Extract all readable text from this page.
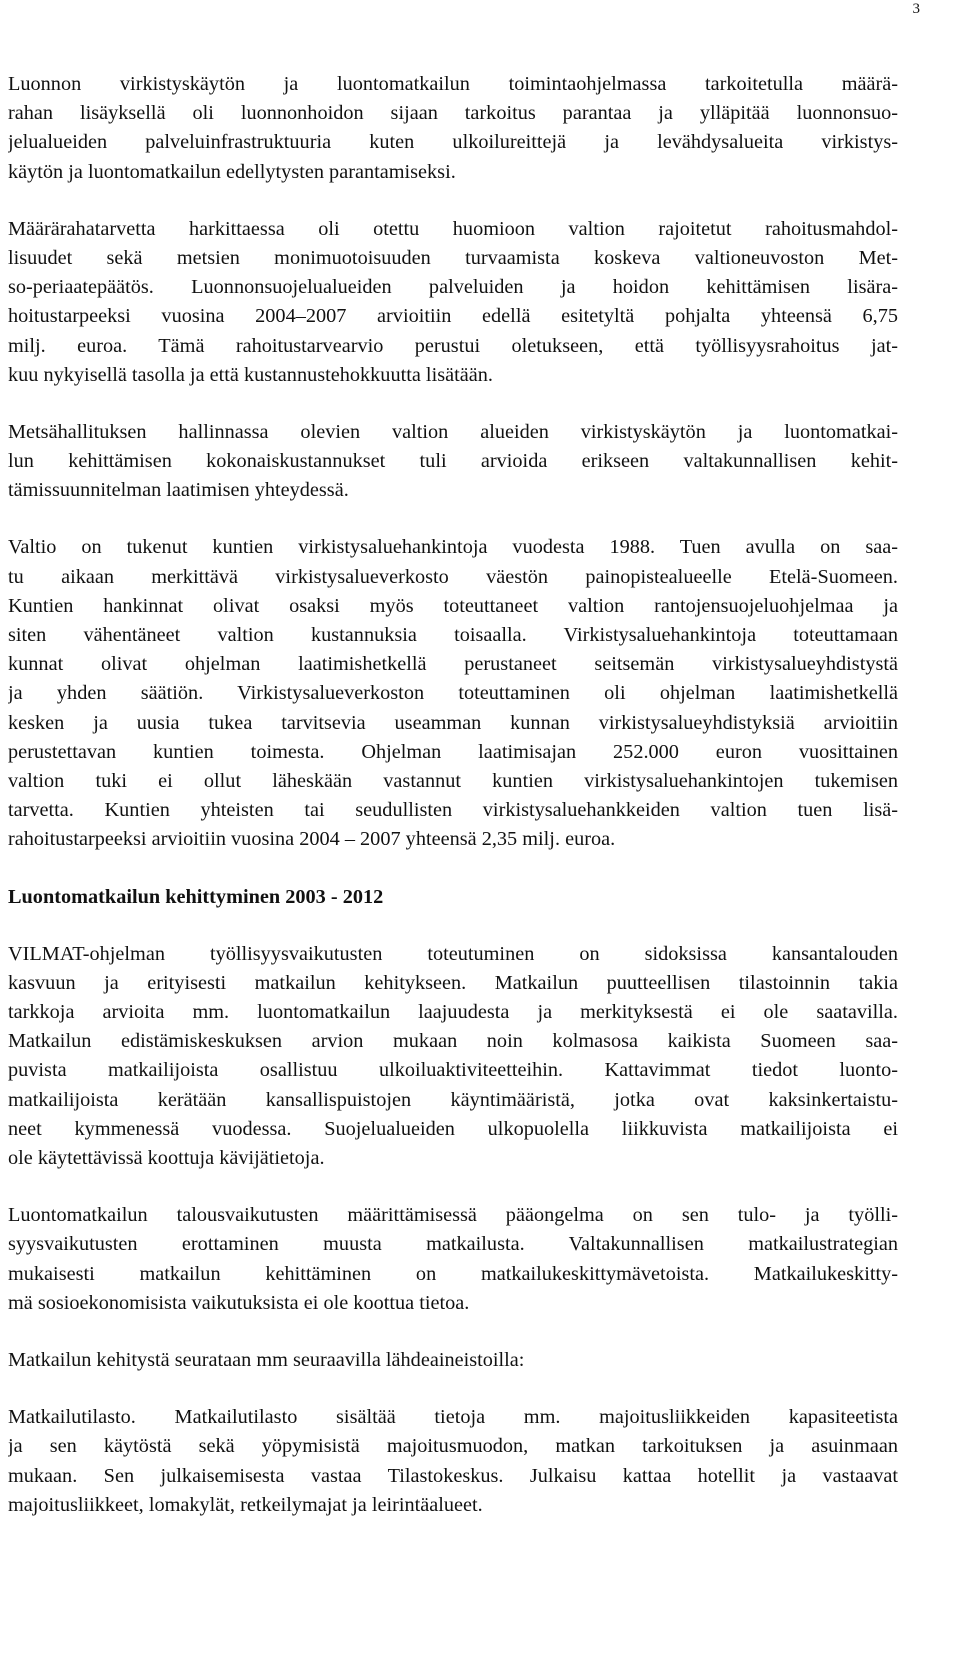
3
Luonnon virkistyskäytön ja luontomatkailun toimintaohjelmassa tarkoitetulla määrä-
rahan lisäyksellä oli luonnonhoidon sijaan tarkoitus parantaa ja ylläpitää luonnonsuo-
jelualueiden palveluinfrastruktuuria kuten ulkoilureittejä ja levähdysalueita virkistys-
käytön ja luontomatkailun edellytysten parantamiseksi.
Määrärahatarvetta harkittaessa oli otettu huomioon valtion rajoitetut rahoitusmahdol-
lisuudet sekä metsien monimuotoisuuden turvaamista koskeva valtioneuvoston Met-
so-periaatepäätös. Luonnonsuojelualueiden palveluiden ja hoidon kehittämisen lisära-
hoitustarpeeksi vuosina 2004–2007 arvioitiin edellä esitetyltä pohjalta yhteensä 6,75
milj. euroa. Tämä rahoitustarvearvio perustui oletukseen, että työllisyysrahoitus jat-
kuu nykyisellä tasolla ja että kustannustehokkuutta lisätään.
Metsähallituksen hallinnassa olevien valtion alueiden virkistyskäytön ja luontomatkai-
lun kehittämisen kokonaiskustannukset tuli arvioida erikseen valtakunnallisen kehit-
tämissuunnitelman laatimisen yhteydessä.
Valtio on tukenut kuntien virkistysaluehankintoja vuodesta 1988. Tuen avulla on saa-
tu aikaan merkittävä virkistysalueverkosto väestön painopistealueelle Etelä-Suomeen.
Kuntien hankinnat olivat osaksi myös toteuttaneet valtion rantojensuojeluohjelmaa ja
siten vähentäneet valtion kustannuksia toisaalla. Virkistysaluehankintoja toteuttamaan
kunnat olivat ohjelman laatimishetkellä perustaneet seitsemän virkistysalueyhdistystä
ja yhden säätiön. Virkistysalueverkoston toteuttaminen oli ohjelman laatimishetkellä
kesken ja uusia tukea tarvitsevia useamman kunnan virkistysalueyhdistyksiä arvioitiin
perustettavan kuntien toimesta. Ohjelman laatimisajan 252.000 euron vuosittainen
valtion tuki ei ollut läheskään vastannut kuntien virkistysaluehankintojen tukemisen
tarvetta. Kuntien yhteisten tai seudullisten virkistysaluehankkeiden valtion tuen lisä-
rahoitustarpeeksi arvioitiin vuosina 2004 – 2007 yhteensä 2,35 milj. euroa.
Luontomatkailun kehittyminen 2003 - 2012
VILMAT-ohjelman työllisyysvaikutusten toteutuminen on sidoksissa kansantalouden
kasvuun ja erityisesti matkailun kehitykseen. Matkailun puutteellisen tilastoinnin takia
tarkkoja arvioita mm. luontomatkailun laajuudesta ja merkityksestä ei ole saatavilla.
Matkailun edistämiskeskuksen arvion mukaan noin kolmasosa kaikista Suomeen saa-
puvista matkailijoista osallistuu ulkoiluaktiviteetteihin. Kattavimmat tiedot luonto-
matkailijoista kerätään kansallispuistojen käyntimääristä, jotka ovat kaksinkertaistu-
neet kymmenessä vuodessa. Suojelualueiden ulkopuolella liikkuvista matkailijoista ei
ole käytettävissä koottuja kävijätietoja.
Luontomatkailun talousvaikutusten määrittämisessä pääongelma on sen tulo- ja työlli-
syysvaikutusten erottaminen muusta matkailusta. Valtakunnallisen matkailustrategian
mukaisesti matkailun kehittäminen on matkailukeskittymävetoista. Matkailukeskitty-
mä sosioekonomisista vaikutuksista ei ole koottua tietoa.
Matkailun kehitystä seurataan mm seuraavilla lähdeaineistoilla:
Matkailutilasto. Matkailutilasto sisältää tietoja mm. majoitusliikkeiden kapasiteetista
ja sen käytöstä sekä yöpymisistä majoitusmuodon, matkan tarkoituksen ja asuinmaan
mukaan. Sen julkaisemisesta vastaa Tilastokeskus. Julkaisu kattaa hotellit ja vastaavat
majoitusliikkeet, lomakylät, retkeilymajat ja leirintäalueet.
